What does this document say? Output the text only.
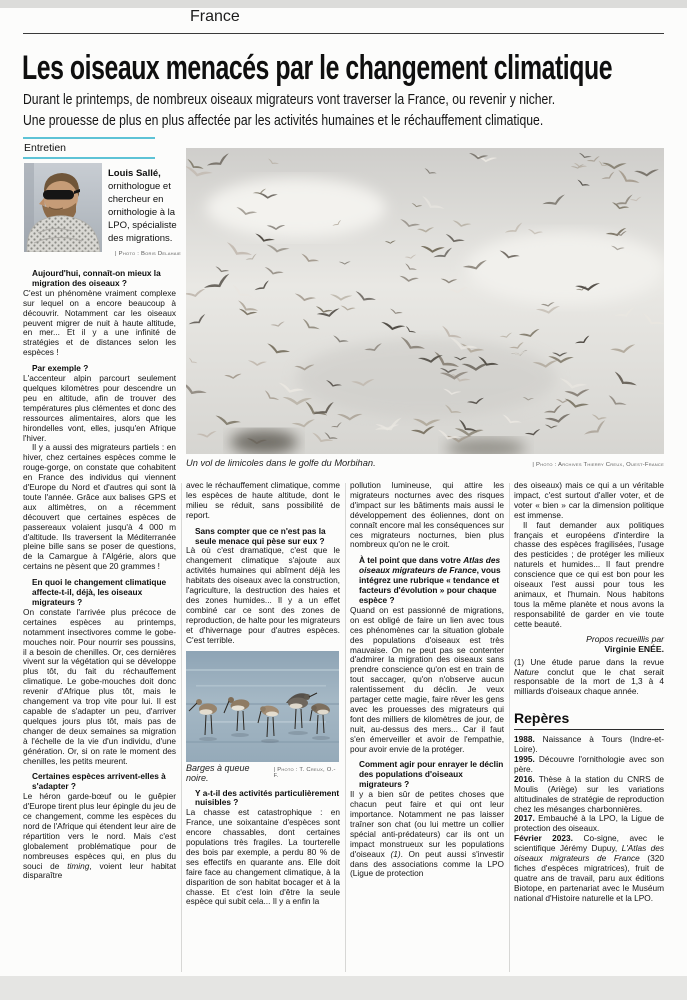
France
Les oiseaux menacés par le changement climatique
Durant le printemps, de nombreux oiseaux migrateurs vont traverser la France, ou revenir y nicher.
Une prouesse de plus en plus affectée par les activités humaines et le réchauffement climatique.
Entretien
Louis Sallé,
ornithologue et chercheur en ornithologie à la LPO, spécialiste des migrations.
| Photo : Boris Delahaie
Un vol de limicoles dans le golfe du Morbihan.	| Photo : Archives Thierry Creux, Ouest-France
Aujourd'hui, connaît-on mieux la migration des oiseaux ?

C'est un phénomène vraiment complexe sur lequel on a encore beaucoup à découvrir. Notamment car les oiseaux peuvent migrer de nuit à haute altitude, en mer... Et il y a une infinité de stratégies et de distances selon les espèces !

Par exemple ?

L'accenteur alpin parcourt seulement quelques kilomètres pour descendre un peu en altitude, afin de trouver des températures plus clémentes et donc des ressources alimentaires, alors que les hirondelles vont, elles, jusqu'en Afrique l'hiver.

Il y a aussi des migrateurs partiels : en hiver, chez certaines espèces comme le rouge-gorge, on constate que cohabitent en France des individus qui viennent d'Europe du Nord et d'autres qui sont là toute l'année. Grâce aux balises GPS et aux altimètres, on a récemment découvert que certaines espèces de passereaux volaient jusqu'à 4 000 m d'altitude. Ils traversent la Méditerranée pleine bille sans se poser de questions, de la Camargue à l'Algérie, alors que certains ne pèsent que 20 grammes !

En quoi le changement climatique affecte-t-il, déjà, les oiseaux migrateurs ?

On constate l'arrivée plus précoce de certaines espèces au printemps, notamment insectivores comme le gobe-mouches noir. Pour nourrir ses poussins, il a besoin de chenilles. Or, ces dernières vivent sur la végétation qui se développe plus tôt, du fait du réchauffement climatique. Le gobe-mouches doit donc revenir d'Afrique plus tôt, mais le changement va trop vite pour lui. Il est capable de s'adapter un peu, d'arriver quelques jours plus tôt, mais pas de changer de deux semaines sa migration à l'échelle de la vie d'un individu, d'une génération. Or, si on rate le moment des chenilles, les petits meurent.

Certaines espèces arrivent-elles à s'adapter ?

Le héron garde-bœuf ou le guêpier d'Europe tirent plus leur épingle du jeu de ce changement, comme les espèces du nord de l'Afrique qui étendent leur aire de répartition vers le nord. Mais c'est globalement problématique pour de nombreuses espèces qui, en plus du souci de timing, voient leur habitat disparaître

avec le réchauffement climatique, comme les espèces de haute altitude, dont le milieu se réduit, sans possibilité de report.

Sans compter que ce n'est pas la seule menace qui pèse sur eux ?

Là où c'est dramatique, c'est que le changement climatique s'ajoute aux activités humaines qui abîment déjà les habitats des oiseaux avec la construction, l'agriculture, la destruction des haies et des zones humides... Il y a un effet combiné car ce sont des zones de reproduction, de halte pour les migrateurs et d'hivernage pour d'autres espèces. C'est terrible.

Barges à queue noire.
| Photo : T. Creux, O.-F.
Y a-t-il des activités particulièrement nuisibles ?

La chasse est catastrophique : en France, une soixantaine d'espèces sont encore chassables, dont certaines populations très fragiles. La tourterelle des bois par exemple, a perdu 80 % de ses effectifs en quarante ans. Elle doit faire face au changement climatique, à la disparition de son habitat bocager et à la chasse. Et c'est loin d'être la seule espèce qui subit cela... Il y a enfin la

pollution lumineuse, qui attire les migrateurs nocturnes avec des risques d'impact sur les bâtiments mais aussi le développement des éoliennes, dont on connaît encore mal les conséquences sur ces migrateurs nocturnes, bien plus nombreux qu'on ne le croit.

À tel point que dans votre Atlas des oiseaux migrateurs de France, vous intégrez une rubrique « tendance et facteurs d'évolution » pour chaque espèce ?

Quand on est passionné de migrations, on est obligé de faire un lien avec tous ces phénomènes car la situation globale des populations d'oiseaux est très mauvaise. On ne peut pas se contenter d'admirer la migration des oiseaux sans prendre conscience qu'on est en train de tout saccager, qu'on n'observe aucun ralentissement du déclin. Je veux partager cette magie, faire rêver les gens avec les prouesses des migrateurs qui font des milliers de kilomètres de jour, de nuit, au-dessus des mers... Car il faut s'en émerveiller et avoir de l'empathie, pour avoir envie de la protéger.

Comment agir pour enrayer le déclin des populations d'oiseaux migrateurs ?

Il y a bien sûr de petites choses que chacun peut faire et qui ont leur importance. Notamment ne pas laisser traîner son chat (ou lui mettre un collier spécial anti-prédateurs) car ils ont un impact monstrueux sur les populations d'oiseaux (1). On peut aussi s'investir dans des associations comme la LPO (Ligue de protection

des oiseaux) mais ce qui a un véritable impact, c'est surtout d'aller voter, et de voter « bien » car la dimension politique est immense.

Il faut demander aux politiques français et européens d'interdire la chasse des espèces fragilisées, l'usage des pesticides ; de protéger les milieux naturels et humides... Il faut prendre conscience que ce qui est bon pour les oiseaux l'est aussi pour tous les animaux, et l'humain. Nous habitons tous la même planète et nous avons la responsabilité de garder en vie toute cette beauté.

Propos recueillis par
Virginie ENÉE.

(1) Une étude parue dans la revue Nature conclut que le chat serait responsable de la mort de 1,3 à 4 milliards d'oiseaux chaque année.

Repères

1988. Naissance à Tours (Indre-et-Loire).

1995. Découvre l'ornithologie avec son père.

2016. Thèse à la station du CNRS de Moulis (Ariège) sur les variations altitudinales de stratégie de reproduction chez les mésanges charbonnières.

2017. Embauché à la LPO, la Ligue de protection des oiseaux.

Février 2023. Co-signe, avec le scientifique Jérémy Dupuy, L'Atlas des oiseaux migrateurs de France (320 fiches d'espèces migratrices), fruit de quatre ans de travail, paru aux éditions Biotope, en partenariat avec le Muséum national d'Histoire naturelle et la LPO.
